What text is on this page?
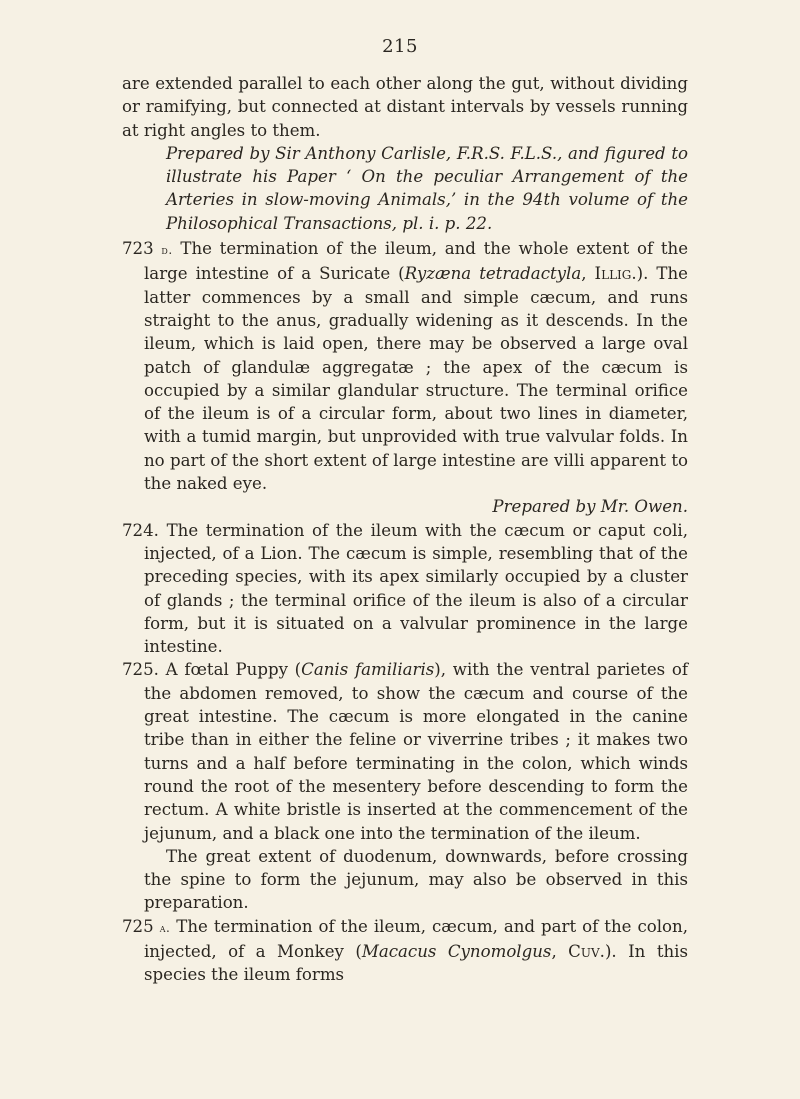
215

are extended parallel to each other along the gut, without dividing or ramifying, but connected at distant intervals by vessels running at right angles to them.

Prepared by Sir Anthony Carlisle, F.R.S. F.L.S., and figured to illustrate his Paper ‘ On the peculiar Arrangement of the Arteries in slow-moving Animals,’ in the 94th volume of the Philosophical Transactions, pl. i. p. 22.

723 d. The termination of the ileum, and the whole extent of the large intestine of a Suricate (Ryzæna tetradactyla, Illig.). The latter commences by a small and simple cæcum, and runs straight to the anus, gradually widening as it descends. In the ileum, which is laid open, there may be observed a large oval patch of glandulæ aggregatæ ; the apex of the cæcum is occupied by a similar glandular structure. The terminal orifice of the ileum is of a circular form, about two lines in diameter, with a tumid margin, but unprovided with true valvular folds. In no part of the short extent of large intestine are villi apparent to the naked eye.

Prepared by Mr. Owen.

724. The termination of the ileum with the cæcum or caput coli, injected, of a Lion. The cæcum is simple, resembling that of the preceding species, with its apex similarly occupied by a cluster of glands ; the terminal orifice of the ileum is also of a circular form, but it is situated on a valvular prominence in the large intestine.

725. A fœtal Puppy (Canis familiaris), with the ventral parietes of the abdomen removed, to show the cæcum and course of the great intestine. The cæcum is more elongated in the canine tribe than in either the feline or viverrine tribes ; it makes two turns and a half before terminating in the colon, which winds round the root of the mesentery before descending to form the rectum. A white bristle is inserted at the commencement of the jejunum, and a black one into the termination of the ileum.

The great extent of duodenum, downwards, before crossing the spine to form the jejunum, may also be observed in this preparation.

725 a. The termination of the ileum, cæcum, and part of the colon, injected, of a Monkey (Macacus Cynomolgus, Cuv.). In this species the ileum forms
